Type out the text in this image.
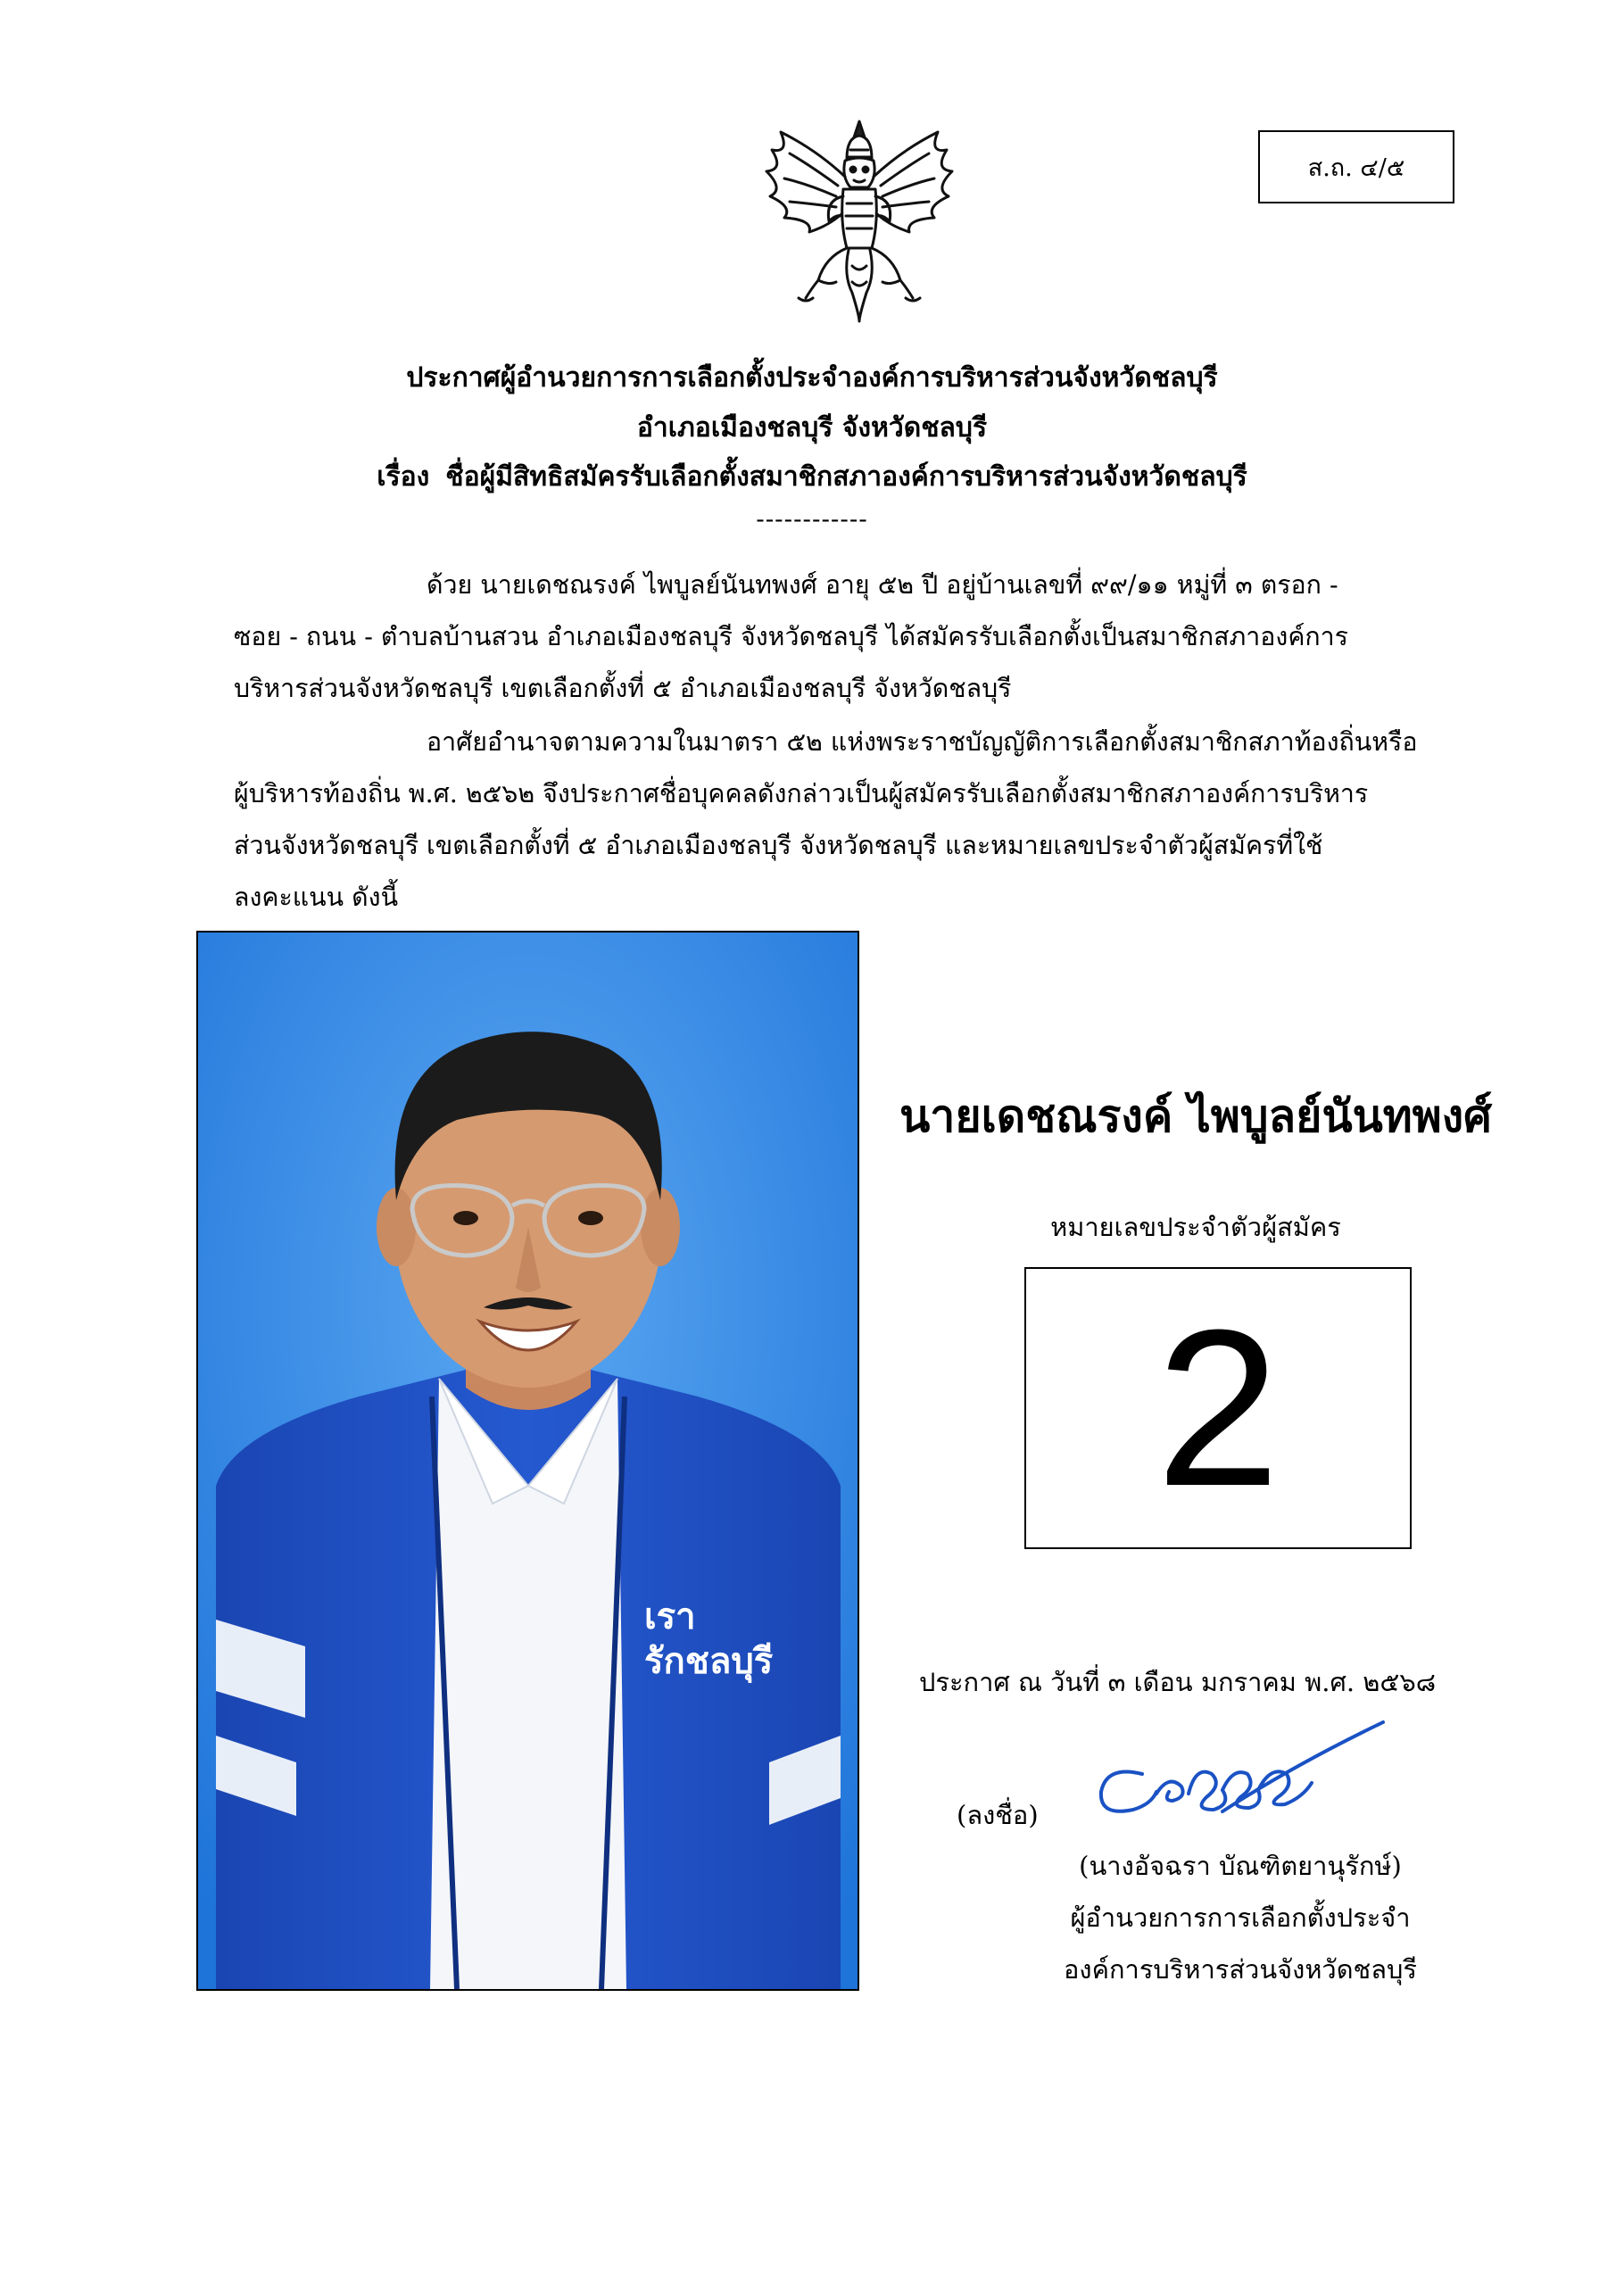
ส.ถ. ๔/๕
ประกาศผู้อำนวยการการเลือกตั้งประจำองค์การบริหารส่วนจังหวัดชลบุรี
อำเภอเมืองชลบุรี จังหวัดชลบุรี
เรื่อง ชื่อผู้มีสิทธิสมัครรับเลือกตั้งสมาชิกสภาองค์การบริหารส่วนจังหวัดชลบุรี
------------
ด้วย นายเดชณรงค์ ไพบูลย์นันทพงศ์ อายุ ๕๒ ปี อยู่บ้านเลขที่ ๙๙/๑๑ หมู่ที่ ๓ ตรอก -
ซอย - ถนน - ตำบลบ้านสวน อำเภอเมืองชลบุรี จังหวัดชลบุรี ได้สมัครรับเลือกตั้งเป็นสมาชิกสภาองค์การ
บริหารส่วนจังหวัดชลบุรี เขตเลือกตั้งที่ ๕ อำเภอเมืองชลบุรี จังหวัดชลบุรี
อาศัยอำนาจตามความในมาตรา ๕๒ แห่งพระราชบัญญัติการเลือกตั้งสมาชิกสภาท้องถิ่นหรือ
ผู้บริหารท้องถิ่น พ.ศ. ๒๕๖๒ จึงประกาศชื่อบุคคลดังกล่าวเป็นผู้สมัครรับเลือกตั้งสมาชิกสภาองค์การบริหาร
ส่วนจังหวัดชลบุรี เขตเลือกตั้งที่ ๕ อำเภอเมืองชลบุรี จังหวัดชลบุรี และหมายเลขประจำตัวผู้สมัครที่ใช้
ลงคะแนน ดังนี้
เรา
รักชลบุรี
นายเดชณรงค์ ไพบูลย์นันทพงศ์
หมายเลขประจำตัวผู้สมัคร
2
ประกาศ ณ วันที่ ๓ เดือน มกราคม พ.ศ. ๒๕๖๘
(ลงชื่อ)
(นางอัจฉรา บัณฑิตยานุรักษ์)
ผู้อำนวยการการเลือกตั้งประจำ
องค์การบริหารส่วนจังหวัดชลบุรี
